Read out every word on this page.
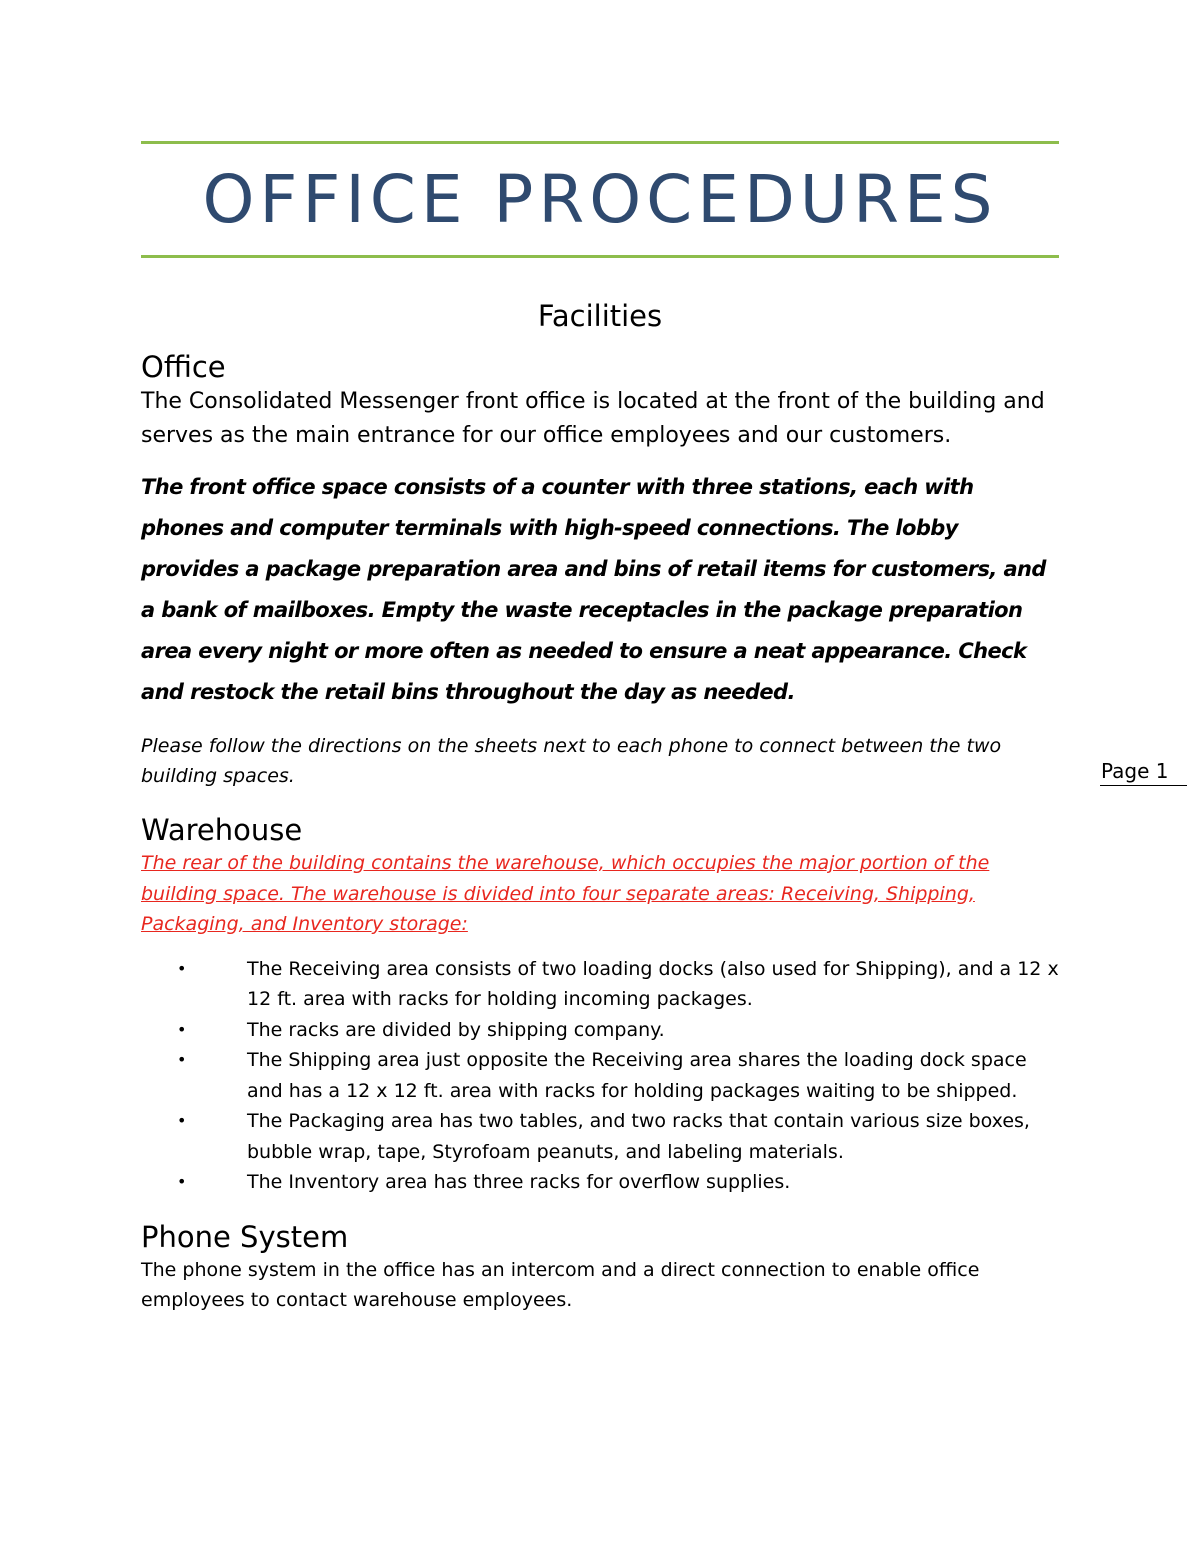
OFFICE PROCEDURES
Facilities
Office

The Consolidated Messenger front office is located at the front of the building and serves as the main entrance for our office employees and our customers.

The front office space consists of a counter with three stations, each with phones and computer terminals with high-speed connections. The lobby provides a package preparation area and bins of retail items for customers, and a bank of mailboxes. Empty the waste receptacles in the package preparation area every night or more often as needed to ensure a neat appearance. Check and restock the retail bins throughout the day as needed.

Please follow the directions on the sheets next to each phone to connect between the two building spaces.

Warehouse

The rear of the building contains the warehouse, which occupies the major portion of the building space. The warehouse is divided into four separate areas: Receiving, Shipping, Packaging, and Inventory storage:

•	The Receiving area consists of two loading docks (also used for Shipping), and a 12 x 12 ft. area with racks for holding incoming packages.
•	The racks are divided by shipping company.
•	The Shipping area just opposite the Receiving area shares the loading dock space and has a 12 x 12 ft. area with racks for holding packages waiting to be shipped.
•	The Packaging area has two tables, and two racks that contain various size boxes, bubble wrap, tape, Styrofoam peanuts, and labeling materials.
•	The Inventory area has three racks for overflow supplies.
Phone System

The phone system in the office has an intercom and a direct connection to enable office employees to contact warehouse employees.

Page 1
